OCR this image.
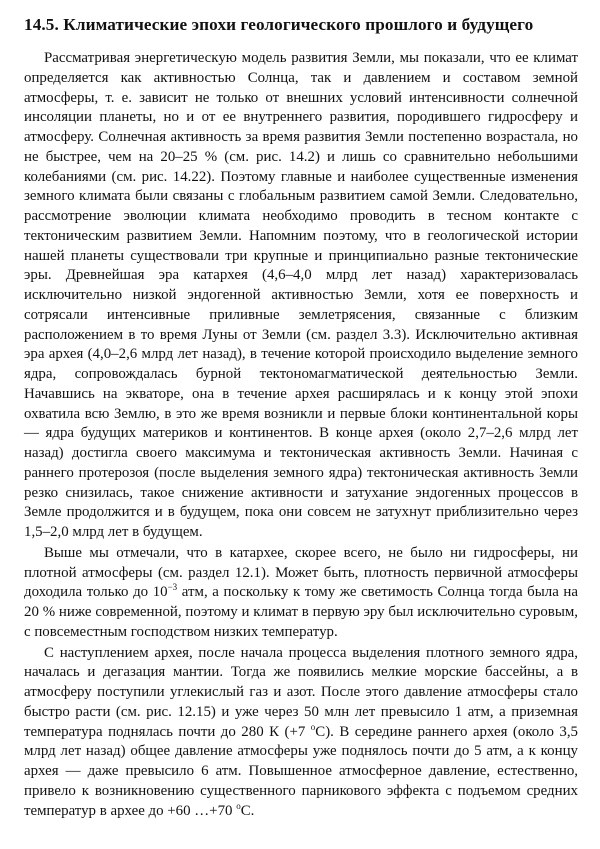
14.5. Климатические эпохи геологического прошлого и будущего

Рассматривая энергетическую модель развития Земли, мы показали, что ее климат определяется как активностью Солнца, так и давлением и составом земной атмосферы, т. е. зависит не только от внешних условий интенсивности солнечной инсоляции планеты, но и от ее внутреннего развития, породившего гидросферу и атмосферу. Солнечная активность за время развития Земли постепенно возрастала, но не быстрее, чем на 20–25 % (см. рис. 14.2) и лишь со сравнительно небольшими колебаниями (см. рис. 14.22). Поэтому главные и наиболее существенные изменения земного климата были связаны с глобальным развитием самой Земли. Следовательно, рассмотрение эволюции климата необходимо проводить в тесном контакте с тектоническим развитием Земли. Напомним поэтому, что в геологической истории нашей планеты существовали три крупные и принципиально разные тектонические эры. Древнейшая эра катархея (4,6–4,0 млрд лет назад) характеризовалась исключительно низкой эндогенной активностью Земли, хотя ее поверхность и сотрясали интенсивные приливные землетрясения, связанные с близким расположением в то время Луны от Земли (см. раздел 3.3). Исключительно активная эра архея (4,0–2,6 млрд лет назад), в течение которой происходило выделение земного ядра, сопровождалась бурной тектономагматической деятельностью Земли. Начавшись на экваторе, она в течение архея расширялась и к концу этой эпохи охватила всю Землю, в это же время возникли и первые блоки континентальной коры — ядра будущих материков и континентов. В конце архея (около 2,7–2,6 млрд лет назад) достигла своего максимума и тектоническая активность Земли. Начиная с раннего протерозоя (после выделения земного ядра) тектоническая активность Земли резко снизилась, такое снижение активности и затухание эндогенных процессов в Земле продолжится и в будущем, пока они совсем не затухнут приблизительно через 1,5–2,0 млрд лет в будущем.

Выше мы отмечали, что в катархее, скорее всего, не было ни гидросферы, ни плотной атмосферы (см. раздел 12.1). Может быть, плотность первичной атмосферы доходила только до $10^{-3}$ атм, а поскольку к тому же светимость Солнца тогда была на 20 % ниже современной, поэтому и климат в первую эру был исключительно суровым, с повсеместным господством низких температур.

С наступлением архея, после начала процесса выделения плотного земного ядра, началась и дегазация мантии. Тогда же появились мелкие морские бассейны, а в атмосферу поступили углекислый газ и азот. После этого давление атмосферы стало быстро расти (см. рис. 12.15) и уже через 50 млн лет превысило 1 атм, а приземная температура поднялась почти до 280 К (+7 $^o$С). В середине раннего архея (около 3,5 млрд лет назад) общее давление атмосферы уже поднялось почти до 5 атм, а к концу архея — даже превысило 6 атм. Повышенное атмосферное давление, естественно, привело к возникновению существенного парникового эффекта с подъемом средних температур в архее до +60 …+70 $^o$С.
